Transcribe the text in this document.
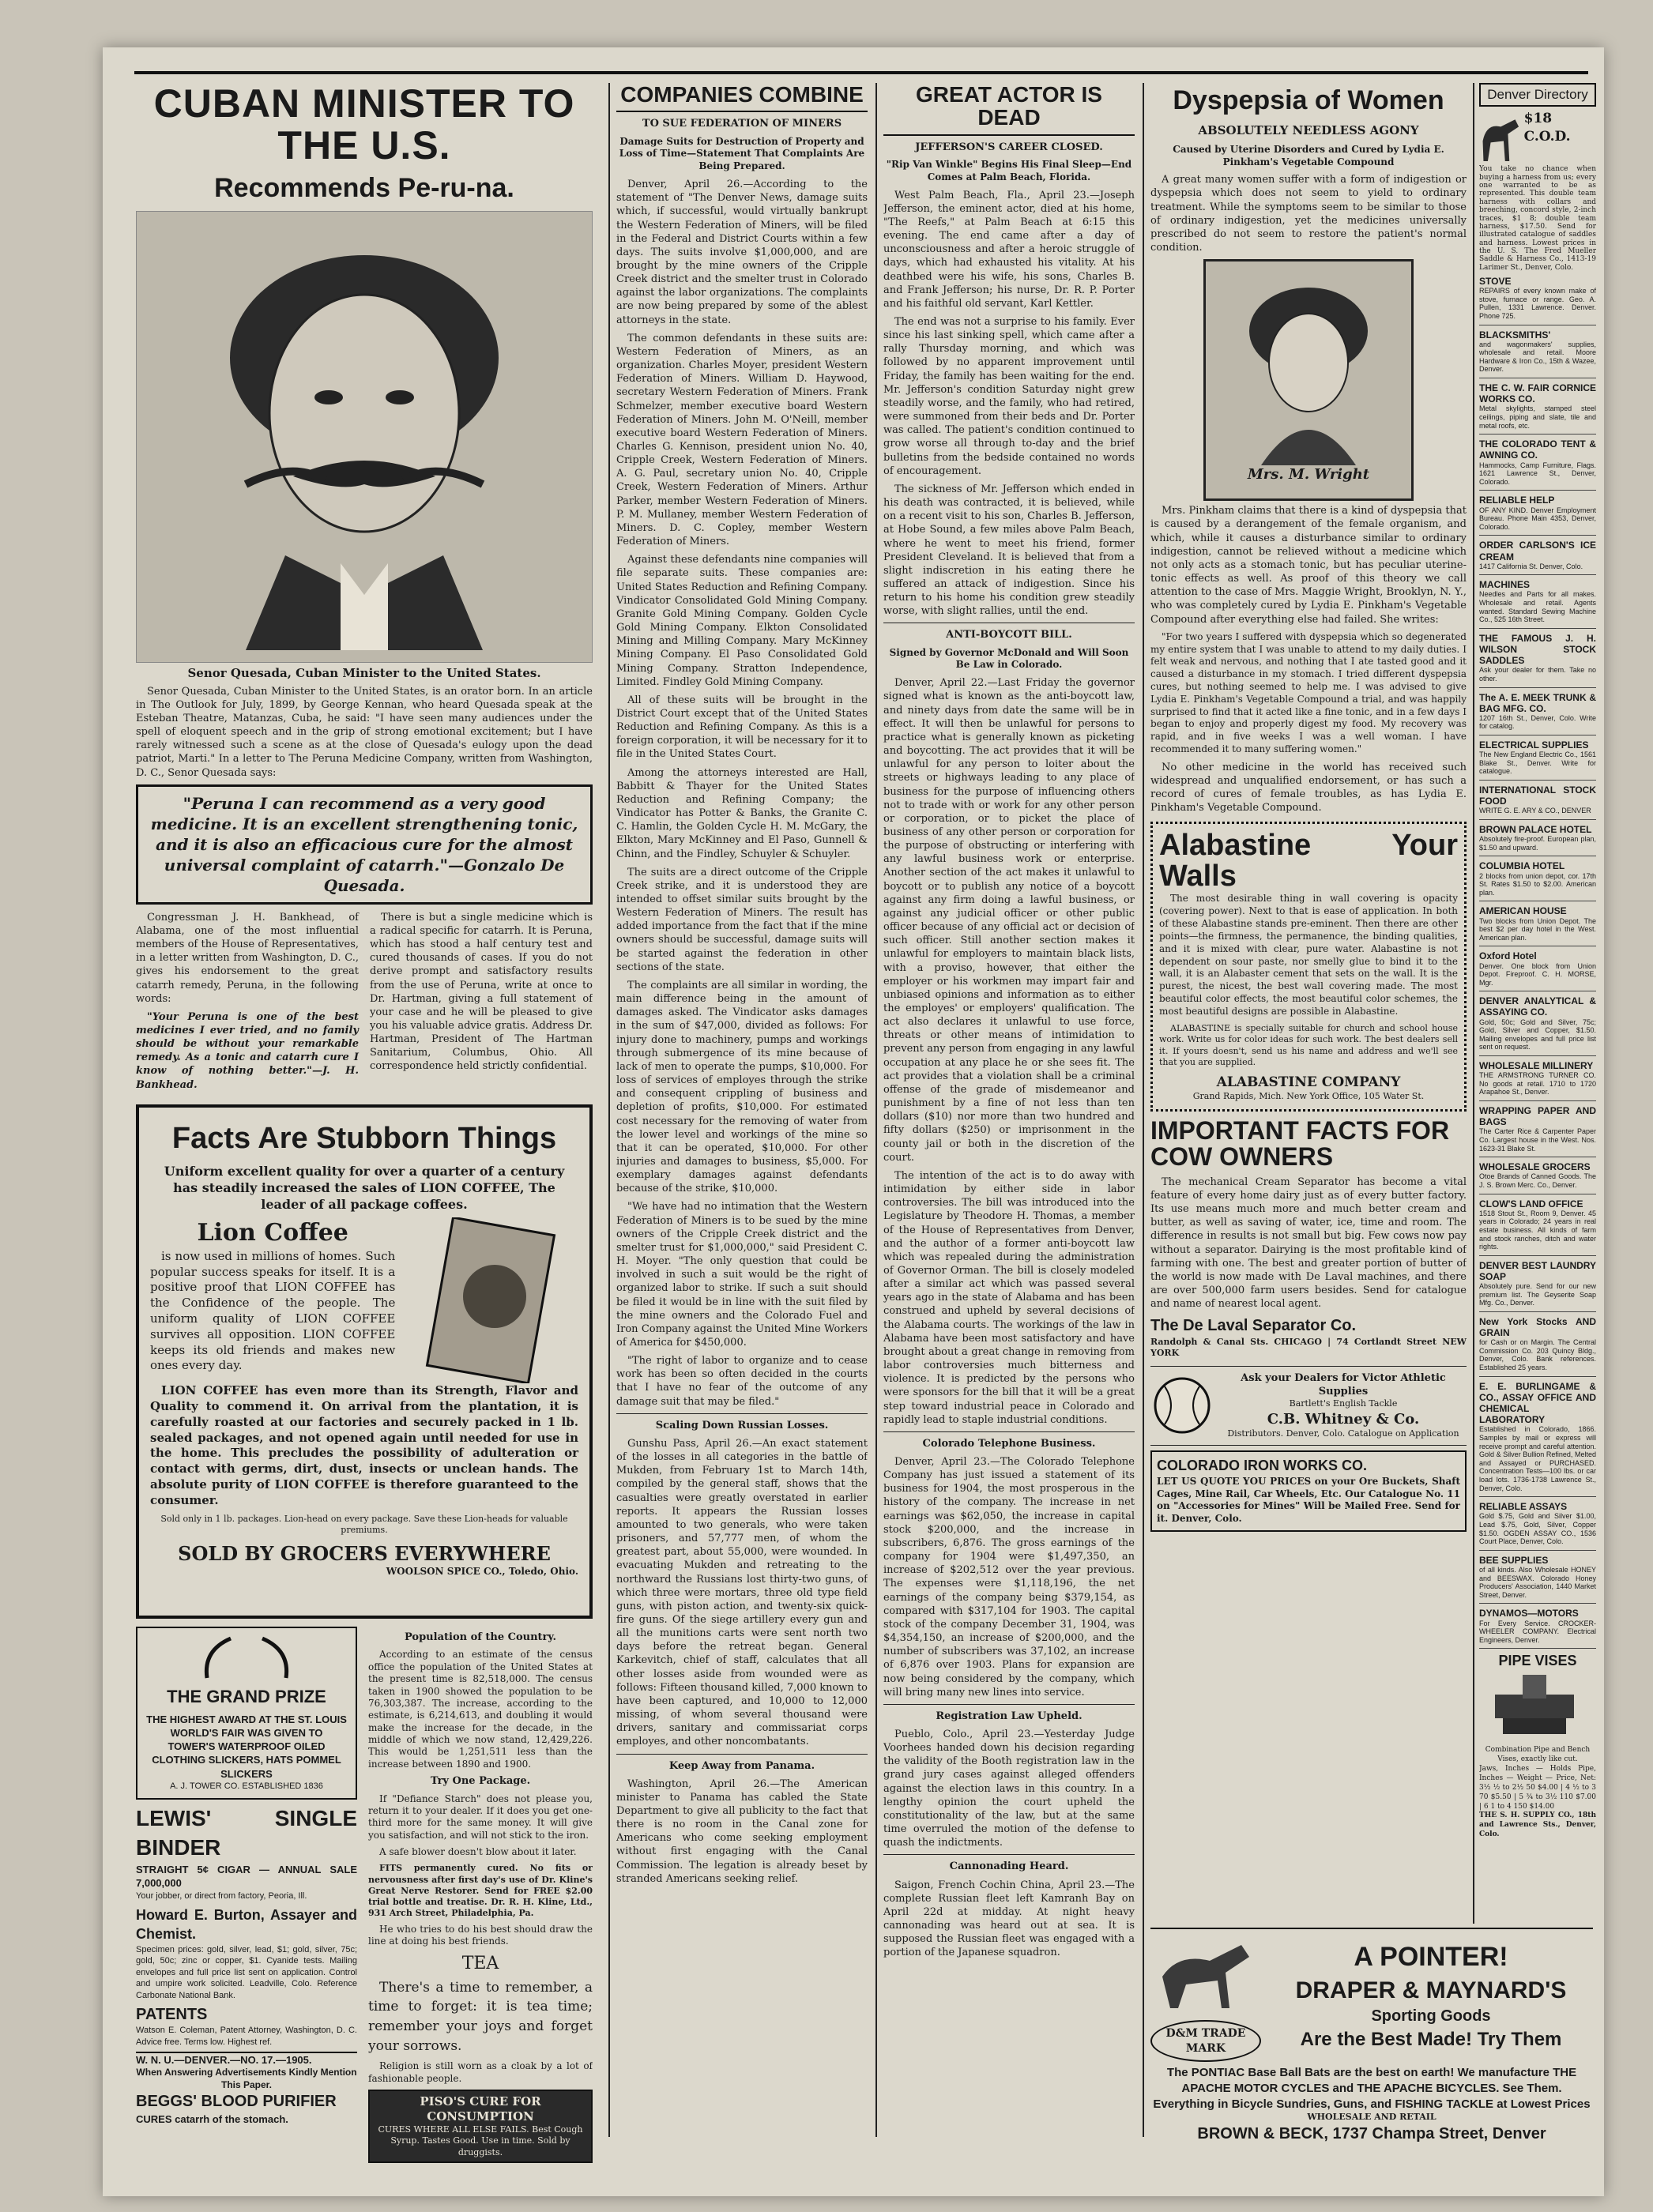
CUBAN MINISTER TO THE U.S.
Recommends Pe-ru-na.
Senor Quesada, Cuban Minister to the United States.

Senor Quesada, Cuban Minister to the United States, is an orator born. In an article in The Outlook for July, 1899, by George Kennan, who heard Quesada speak at the Esteban Theatre, Matanzas, Cuba, he said: "I have seen many audiences under the spell of eloquent speech and in the grip of strong emotional excitement; but I have rarely witnessed such a scene as at the close of Quesada's eulogy upon the dead patriot, Marti." In a letter to The Peruna Medicine Company, written from Washington, D. C., Senor Quesada says:

"Peruna I can recommend as a very good medicine. It is an excellent strengthening tonic, and it is also an efficacious cure for the almost universal complaint of catarrh."—Gonzalo De Quesada.

Congressman J. H. Bankhead, of Alabama, one of the most influential members of the House of Representatives, in a letter written from Washington, D. C., gives his endorsement to the great catarrh remedy, Peruna, in the following words:

"Your Peruna is one of the best medicines I ever tried, and no family should be without your remarkable remedy. As a tonic and catarrh cure I know of nothing better."—J. H. Bankhead.

There is but a single medicine which is a radical specific for catarrh. It is Peruna, which has stood a half century test and cured thousands of cases. If you do not derive prompt and satisfactory results from the use of Peruna, write at once to Dr. Hartman, giving a full statement of your case and he will be pleased to give you his valuable advice gratis. Address Dr. Hartman, President of The Hartman Sanitarium, Columbus, Ohio. All correspondence held strictly confidential.

Facts Are Stubborn Things
Uniform excellent quality for over a quarter of a century has steadily increased the sales of LION COFFEE, The leader of all package coffees.
Lion Coffee

is now used in millions of homes. Such popular success speaks for itself. It is a positive proof that LION COFFEE has the Confidence of the people. The uniform quality of LION COFFEE survives all opposition. LION COFFEE keeps its old friends and makes new ones every day.

LION COFFEE has even more than its Strength, Flavor and Quality to commend it. On arrival from the plantation, it is carefully roasted at our factories and securely packed in 1 lb. sealed packages, and not opened again until needed for use in the home. This precludes the possibility of adulteration or contact with germs, dirt, dust, insects or unclean hands. The absolute purity of LION COFFEE is therefore guaranteed to the consumer.

Sold only in 1 lb. packages. Lion-head on every package. Save these Lion-heads for valuable premiums.
SOLD BY GROCERS EVERYWHERE
WOOLSON SPICE CO., Toledo, Ohio.
THE GRAND PRIZE
THE HIGHEST AWARD AT THE ST. LOUIS WORLD'S FAIR WAS GIVEN TO
TOWER'S WATERPROOF OILED CLOTHING SLICKERS, HATS POMMEL SLICKERS
A. J. TOWER CO. ESTABLISHED 1836
LEWIS' SINGLE BINDER
STRAIGHT 5¢ CIGAR — ANNUAL SALE 7,000,000
Your jobber, or direct from factory, Peoria, Ill.
Howard E. Burton, Assayer and Chemist.
Specimen prices: gold, silver, lead, $1; gold, silver, 75c; gold, 50c; zinc or copper, $1. Cyanide tests. Mailing envelopes and full price list sent on application. Control and umpire work solicited. Leadville, Colo. Reference Carbonate National Bank.
PATENTS
Watson E. Coleman, Patent Attorney, Washington, D. C. Advice free. Terms low. Highest ref.
W. N. U.—DENVER.—NO. 17.—1905.
When Answering Advertisements Kindly Mention This Paper.
BEGGS' BLOOD PURIFIER
CURES catarrh of the stomach.
Population of the Country.

According to an estimate of the census office the population of the United States at the present time is 82,518,000. The census taken in 1900 showed the population to be 76,303,387. The increase, according to the estimate, is 6,214,613, and doubling it would make the increase for the decade, in the middle of which we now stand, 12,429,226. This would be 1,251,511 less than the increase between 1890 and 1900.

Try One Package.

If "Defiance Starch" does not please you, return it to your dealer. If it does you get one-third more for the same money. It will give you satisfaction, and will not stick to the iron.

A safe blower doesn't blow about it later.

FITS permanently cured. No fits or nervousness after first day's use of Dr. Kline's Great Nerve Restorer. Send for FREE $2.00 trial bottle and treatise. Dr. R. H. Kline, Ltd., 931 Arch Street, Philadelphia, Pa.

He who tries to do his best should draw the line at doing his best friends.

TEA

There's a time to remember, a time to forget: it is tea time; remember your joys and forget your sorrows.

Religion is still worn as a cloak by a lot of fashionable people.

PISO'S CURE FOR CONSUMPTION
CURES WHERE ALL ELSE FAILS. Best Cough Syrup. Tastes Good. Use in time. Sold by druggists.
COMPANIES COMBINE
TO SUE FEDERATION OF MINERS
Damage Suits for Destruction of Property and Loss of Time—Statement That Complaints Are Being Prepared.

Denver, April 26.—According to the statement of "The Denver News, damage suits which, if successful, would virtually bankrupt the Western Federation of Miners, will be filed in the Federal and District Courts within a few days. The suits involve $1,000,000, and are brought by the mine owners of the Cripple Creek district and the smelter trust in Colorado against the labor organizations. The complaints are now being prepared by some of the ablest attorneys in the state.

The common defendants in these suits are: Western Federation of Miners, as an organization. Charles Moyer, president Western Federation of Miners. William D. Haywood, secretary Western Federation of Miners. Frank Schmelzer, member executive board Western Federation of Miners. John M. O'Neill, member executive board Western Federation of Miners. Charles G. Kennison, president union No. 40, Cripple Creek, Western Federation of Miners. A. G. Paul, secretary union No. 40, Cripple Creek, Western Federation of Miners. Arthur Parker, member Western Federation of Miners. P. M. Mullaney, member Western Federation of Miners. D. C. Copley, member Western Federation of Miners.

Against these defendants nine companies will file separate suits. These companies are: United States Reduction and Refining Company. Vindicator Consolidated Gold Mining Company. Granite Gold Mining Company. Golden Cycle Gold Mining Company. Elkton Consolidated Mining and Milling Company. Mary McKinney Mining Company. El Paso Consolidated Gold Mining Company. Stratton Independence, Limited. Findley Gold Mining Company.

All of these suits will be brought in the District Court except that of the United States Reduction and Refining Company. As this is a foreign corporation, it will be necessary for it to file in the United States Court.

Among the attorneys interested are Hall, Babbitt & Thayer for the United States Reduction and Refining Company; the Vindicator has Potter & Banks, the Granite C. C. Hamlin, the Golden Cycle H. M. McGary, the Elkton, Mary McKinney and El Paso, Gunnell & Chinn, and the Findley, Schuyler & Schuyler.

The suits are a direct outcome of the Cripple Creek strike, and it is understood they are intended to offset similar suits brought by the Western Federation of Miners. The result has added importance from the fact that if the mine owners should be successful, damage suits will be started against the federation in other sections of the state.

The complaints are all similar in wording, the main difference being in the amount of damages asked. The Vindicator asks damages in the sum of $47,000, divided as follows: For injury done to machinery, pumps and workings through submergence of its mine because of lack of men to operate the pumps, $10,000. For loss of services of employes through the strike and consequent crippling of business and depletion of profits, $10,000. For estimated cost necessary for the removing of water from the lower level and workings of the mine so that it can be operated, $10,000. For other injuries and damages to business, $5,000. For exemplary damages against defendants because of the strike, $10,000.

"We have had no intimation that the Western Federation of Miners is to be sued by the mine owners of the Cripple Creek district and the smelter trust for $1,000,000," said President C. H. Moyer. "The only question that could be involved in such a suit would be the right of organized labor to strike. If such a suit should be filed it would be in line with the suit filed by the mine owners and the Colorado Fuel and Iron Company against the United Mine Workers of America for $450,000.

"The right of labor to organize and to cease work has been so often decided in the courts that I have no fear of the outcome of any damage suit that may be filed."

Scaling Down Russian Losses.

Gunshu Pass, April 26.—An exact statement of the losses in all categories in the battle of Mukden, from February 1st to March 14th, compiled by the general staff, shows that the casualties were greatly overstated in earlier reports. It appears the Russian losses amounted to two generals, who were taken prisoners, and 57,777 men, of whom the greatest part, about 55,000, were wounded. In evacuating Mukden and retreating to the northward the Russians lost thirty-two guns, of which three were mortars, three old type field guns, with piston action, and twenty-six quick-fire guns. Of the siege artillery every gun and all the munitions carts were sent north two days before the retreat began. General Karkevitch, chief of staff, calculates that all other losses aside from wounded were as follows: Fifteen thousand killed, 7,000 known to have been captured, and 10,000 to 12,000 missing, of whom several thousand were drivers, sanitary and commissariat corps employes, and other noncombatants.

Keep Away from Panama.

Washington, April 26.—The American minister to Panama has cabled the State Department to give all publicity to the fact that there is no room in the Canal zone for Americans who come seeking employment without first engaging with the Canal Commission. The legation is already beset by stranded Americans seeking relief.

GREAT ACTOR IS DEAD
JEFFERSON'S CAREER CLOSED.
"Rip Van Winkle" Begins His Final Sleep—End Comes at Palm Beach, Florida.

West Palm Beach, Fla., April 23.—Joseph Jefferson, the eminent actor, died at his home, "The Reefs," at Palm Beach at 6:15 this evening. The end came after a day of unconsciousness and after a heroic struggle of days, which had exhausted his vitality. At his deathbed were his wife, his sons, Charles B. and Frank Jefferson; his nurse, Dr. R. P. Porter and his faithful old servant, Karl Kettler.

The end was not a surprise to his family. Ever since his last sinking spell, which came after a rally Thursday morning, and which was followed by no apparent improvement until Friday, the family has been waiting for the end. Mr. Jefferson's condition Saturday night grew steadily worse, and the family, who had retired, were summoned from their beds and Dr. Porter was called. The patient's condition continued to grow worse all through to-day and the brief bulletins from the bedside contained no words of encouragement.

The sickness of Mr. Jefferson which ended in his death was contracted, it is believed, while on a recent visit to his son, Charles B. Jefferson, at Hobe Sound, a few miles above Palm Beach, where he went to meet his friend, former President Cleveland. It is believed that from a slight indiscretion in his eating there he suffered an attack of indigestion. Since his return to his home his condition grew steadily worse, with slight rallies, until the end.

ANTI-BOYCOTT BILL.
Signed by Governor McDonald and Will Soon Be Law in Colorado.

Denver, April 22.—Last Friday the governor signed what is known as the anti-boycott law, and ninety days from date the same will be in effect. It will then be unlawful for persons to practice what is generally known as picketing and boycotting. The act provides that it will be unlawful for any person to loiter about the streets or highways leading to any place of business for the purpose of influencing others not to trade with or work for any other person or corporation, or to picket the place of business of any other person or corporation for the purpose of obstructing or interfering with any lawful business work or enterprise. Another section of the act makes it unlawful to boycott or to publish any notice of a boycott against any firm doing a lawful business, or against any judicial officer or other public officer because of any official act or decision of such officer. Still another section makes it unlawful for employers to maintain black lists, with a proviso, however, that either the employer or his workmen may impart fair and unbiased opinions and information as to either the employes' or employers' qualification. The act also declares it unlawful to use force, threats or other means of intimidation to prevent any person from engaging in any lawful occupation at any place he or she sees fit. The act provides that a violation shall be a criminal offense of the grade of misdemeanor and punishment by a fine of not less than ten dollars ($10) nor more than two hundred and fifty dollars ($250) or imprisonment in the county jail or both in the discretion of the court.

The intention of the act is to do away with intimidation by either side in labor controversies. The bill was introduced into the Legislature by Theodore H. Thomas, a member of the House of Representatives from Denver, and the author of a former anti-boycott law which was repealed during the administration of Governor Orman. The bill is closely modeled after a similar act which was passed several years ago in the state of Alabama and has been construed and upheld by several decisions of the Alabama courts. The workings of the law in Alabama have been most satisfactory and have brought about a great change in removing from labor controversies much bitterness and violence. It is predicted by the persons who were sponsors for the bill that it will be a great step toward industrial peace in Colorado and rapidly lead to staple industrial conditions.

Colorado Telephone Business.

Denver, April 23.—The Colorado Telephone Company has just issued a statement of its business for 1904, the most prosperous in the history of the company. The increase in net earnings was $62,050, the increase in capital stock $200,000, and the increase in subscribers, 6,876. The gross earnings of the company for 1904 were $1,497,350, an increase of $202,512 over the year previous. The expenses were $1,118,196, the net earnings of the company being $379,154, as compared with $317,104 for 1903. The capital stock of the company December 31, 1904, was $4,354,150, an increase of $200,000, and the number of subscribers was 37,102, an increase of 6,876 over 1903. Plans for expansion are now being considered by the company, which will bring many new lines into service.

Registration Law Upheld.

Pueblo, Colo., April 23.—Yesterday Judge Voorhees handed down his decision regarding the validity of the Booth registration law in the grand jury cases against alleged offenders against the election laws in this country. In a lengthy opinion the court upheld the constitutionality of the law, but at the same time overruled the motion of the defense to quash the indictments.

Cannonading Heard.

Saigon, French Cochin China, April 23.—The complete Russian fleet left Kamranh Bay on April 22d at midday. At night heavy cannonading was heard out at sea. It is supposed the Russian fleet was engaged with a portion of the Japanese squadron.

Dyspepsia of Women
ABSOLUTELY NEEDLESS AGONY
Caused by Uterine Disorders and Cured by Lydia E. Pinkham's Vegetable Compound

A great many women suffer with a form of indigestion or dyspepsia which does not seem to yield to ordinary treatment. While the symptoms seem to be similar to those of ordinary indigestion, yet the medicines universally prescribed do not seem to restore the patient's normal condition.

Mrs. M. Wright

Mrs. Pinkham claims that there is a kind of dyspepsia that is caused by a derangement of the female organism, and which, while it causes a disturbance similar to ordinary indigestion, cannot be relieved without a medicine which not only acts as a stomach tonic, but has peculiar uterine-tonic effects as well. As proof of this theory we call attention to the case of Mrs. Maggie Wright, Brooklyn, N. Y., who was completely cured by Lydia E. Pinkham's Vegetable Compound after everything else had failed. She writes:

"For two years I suffered with dyspepsia which so degenerated my entire system that I was unable to attend to my daily duties. I felt weak and nervous, and nothing that I ate tasted good and it caused a disturbance in my stomach. I tried different dyspepsia cures, but nothing seemed to help me. I was advised to give Lydia E. Pinkham's Vegetable Compound a trial, and was happily surprised to find that it acted like a fine tonic, and in a few days I began to enjoy and properly digest my food. My recovery was rapid, and in five weeks I was a well woman. I have recommended it to many suffering women."

No other medicine in the world has received such widespread and unqualified endorsement, or has such a record of cures of female troubles, as has Lydia E. Pinkham's Vegetable Compound.

Alabastine Your Walls

The most desirable thing in wall covering is opacity (covering power). Next to that is ease of application. In both of these Alabastine stands pre-eminent. Then there are other points—the firmness, the permanence, the binding qualities, and it is mixed with clear, pure water. Alabastine is not dependent on sour paste, nor smelly glue to bind it to the wall, it is an Alabaster cement that sets on the wall. It is the purest, the nicest, the best wall covering made. The most beautiful color effects, the most beautiful color schemes, the most beautiful designs are possible in Alabastine.

ALABASTINE is specially suitable for church and school house work. Write us for color ideas for such work. The best dealers sell it. If yours doesn't, send us his name and address and we'll see that you are supplied.

ALABASTINE COMPANY
Grand Rapids, Mich. New York Office, 105 Water St.
IMPORTANT FACTS FOR COW OWNERS

The mechanical Cream Separator has become a vital feature of every home dairy just as of every butter factory. Its use means much more and much better cream and butter, as well as saving of water, ice, time and room. The difference in results is not small but big. Few cows now pay without a separator. Dairying is the most profitable kind of farming with one. The best and greater portion of butter of the world is now made with De Laval machines, and there are over 500,000 farm users besides. Send for catalogue and name of nearest local agent.

The De Laval Separator Co.
Randolph & Canal Sts. CHICAGO | 74 Cortlandt Street NEW YORK
Ask your Dealers for Victor Athletic Supplies
Bartlett's English Tackle
C.B. Whitney & Co.
Distributors. Denver, Colo. Catalogue on Application
COLORADO IRON WORKS CO.
LET US QUOTE YOU PRICES on your Ore Buckets, Shaft Cages, Mine Rail, Car Wheels, Etc. Our Catalogue No. 11 on "Accessories for Mines" Will be Mailed Free. Send for it. Denver, Colo.
D&M TRADE MARK
A POINTER!
DRAPER & MAYNARD'S
Sporting Goods
Are the Best Made! Try Them
The PONTIAC Base Ball Bats are the best on earth! We manufacture THE APACHE MOTOR CYCLES and THE APACHE BICYCLES. See Them. Everything in Bicycle Sundries, Guns, and FISHING TACKLE at Lowest Prices
WHOLESALE AND RETAIL
BROWN & BECK, 1737 Champa Street, Denver
Denver Directory
$18 C.O.D.
You take no chance when buying a harness from us; every one warranted to be as represented. This double team harness with collars and breeching, concord style, 2-inch traces, $1 8; double team harness, $17.50. Send for illustrated catalogue of saddles and harness. Lowest prices in the U. S. The Fred Mueller Saddle & Harness Co., 1413-19 Larimer St., Denver, Colo.
STOVE
REPAIRS of every known make of stove, furnace or range. Geo. A. Pullen, 1331 Lawrence. Denver. Phone 725.
BLACKSMITHS'
and wagonmakers' supplies, wholesale and retail. Moore Hardware & Iron Co., 15th & Wazee, Denver.
THE C. W. FAIR CORNICE WORKS CO.
Metal skylights, stamped steel ceilings, piping and slate, tile and metal roofs, etc.
THE COLORADO TENT & AWNING CO.
Hammocks, Camp Furniture, Flags. 1621 Lawrence St., Denver, Colorado.
RELIABLE HELP
OF ANY KIND. Denver Employment Bureau. Phone Main 4353, Denver, Colorado.
ORDER CARLSON'S ICE CREAM
1417 California St. Denver, Colo.
MACHINES
Needles and Parts for all makes. Wholesale and retail. Agents wanted. Standard Sewing Machine Co., 525 16th Street.
THE FAMOUS J. H. WILSON STOCK SADDLES
Ask your dealer for them. Take no other.
The A. E. MEEK TRUNK & BAG MFG. CO.
1207 16th St., Denver, Colo. Write for catalog.
ELECTRICAL SUPPLIES
The New England Electric Co., 1561 Blake St., Denver. Write for catalogue.
INTERNATIONAL STOCK FOOD
WRITE G. E. ARY & CO., DENVER
BROWN PALACE HOTEL
Absolutely fire-proof. European plan, $1.50 and upward.
COLUMBIA HOTEL
2 blocks from union depot, cor. 17th St. Rates $1.50 to $2.00. American plan.
AMERICAN HOUSE
Two blocks from Union Depot. The best $2 per day hotel in the West. American plan.
Oxford Hotel
Denver. One block from Union Depot. Fireproof. C. H. MORSE, Mgr.
DENVER ANALYTICAL & ASSAYING CO.
Gold, 50c; Gold and Silver, 75c; Gold, Silver and Copper, $1.50. Mailing envelopes and full price list sent on request.
WHOLESALE MILLINERY
THE ARMSTRONG TURNER CO. No goods at retail. 1710 to 1720 Arapahoe St., Denver.
WRAPPING PAPER AND BAGS
The Carter Rice & Carpenter Paper Co. Largest house in the West. Nos. 1623-31 Blake St.
WHOLESALE GROCERS
Otoe Brands of Canned Goods. The J. S. Brown Merc. Co., Denver.
CLOW'S LAND OFFICE
1518 Stout St., Room 9, Denver. 45 years in Colorado; 24 years in real estate business. All kinds of farm and stock ranches, ditch and water rights.
DENVER BEST LAUNDRY SOAP
Absolutely pure. Send for our new premium list. The Geyserite Soap Mfg. Co., Denver.
New York Stocks AND GRAIN
for Cash or on Margin. The Central Commission Co. 203 Quincy Bldg., Denver, Colo. Bank references. Established 25 years.
E. E. BURLINGAME & CO., ASSAY OFFICE AND CHEMICAL LABORATORY
Established in Colorado, 1866. Samples by mail or express will receive prompt and careful attention. Gold & Silver Bullion Refined, Melted and Assayed or PURCHASED. Concentration Tests—100 lbs. or car load lots. 1736-1738 Lawrence St., Denver, Colo.
RELIABLE ASSAYS
Gold $.75, Gold and Silver $1.00, Lead $.75, Gold, Silver, Copper $1.50. OGDEN ASSAY CO., 1536 Court Place, Denver, Colo.
BEE SUPPLIES
of all kinds. Also Wholesale HONEY and BEESWAX. Colorado Honey Producers' Association, 1440 Market Street, Denver.
DYNAMOS—MOTORS
For Every Service. CROCKER-WHEELER COMPANY. Electrical Engineers, Denver.
PIPE VISES
Combination Pipe and Bench Vises, exactly like cut.
Jaws, Inches — Holds Pipe, Inches — Weight — Price, Net: 3½ ½ to 2½ 50 $4.00 | 4 ½ to 3 70 $5.50 | 5 ¾ to 3½ 110 $7.00 | 6 1 to 4 150 $14.00
THE S. H. SUPPLY CO., 18th and Lawrence Sts., Denver, Colo.
